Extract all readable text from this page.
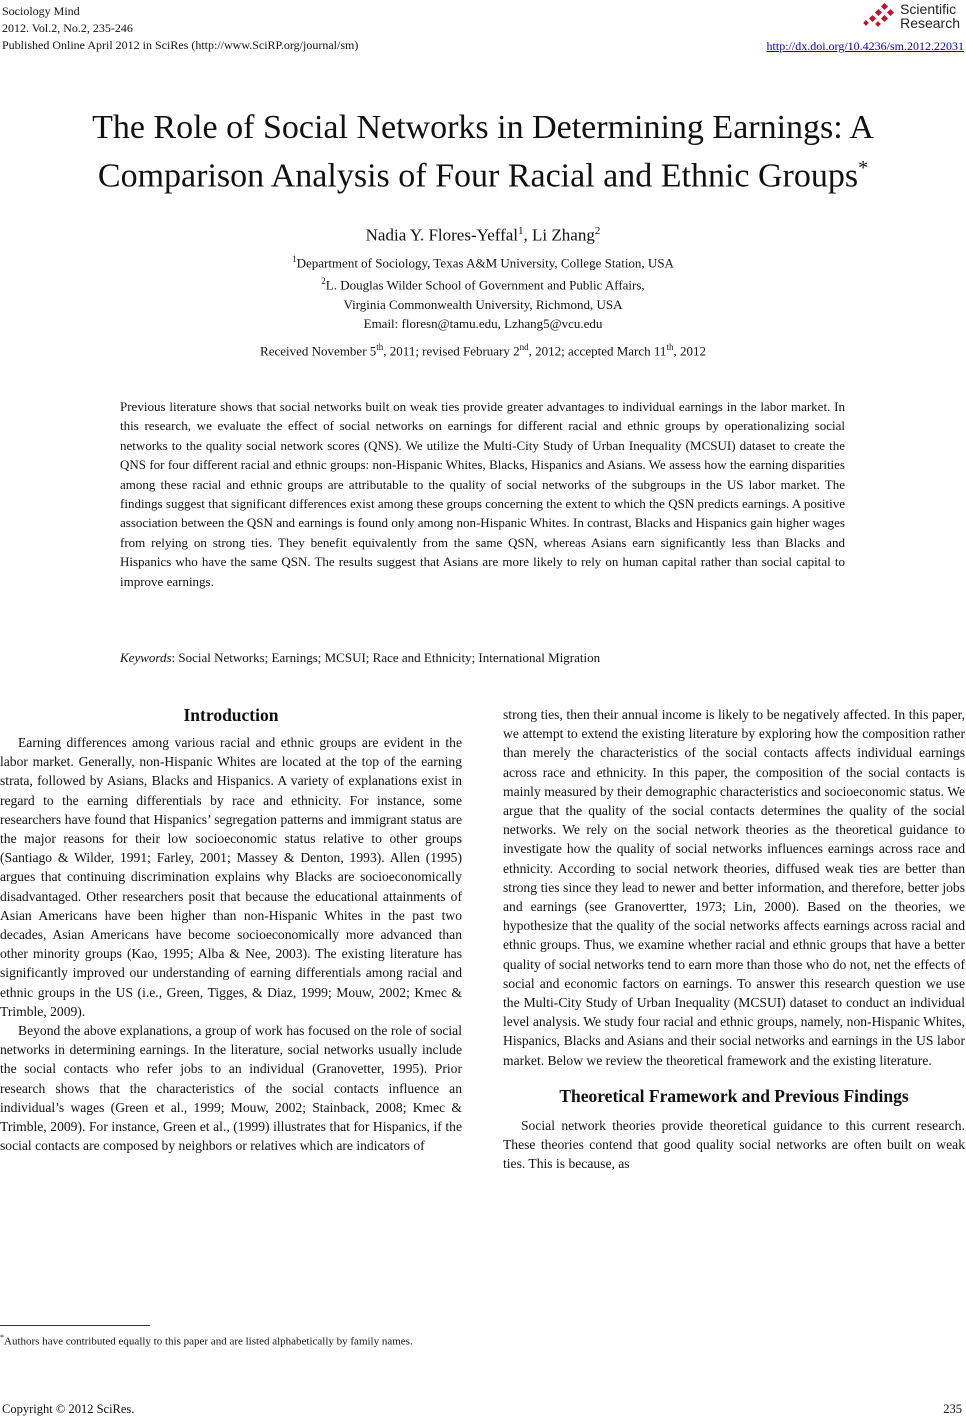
Sociology Mind
2012. Vol.2, No.2, 235-246
Published Online April 2012 in SciRes (http://www.SciRP.org/journal/sm)
Scientific
Research
http://dx.doi.org/10.4236/sm.2012.22031
The Role of Social Networks in Determining Earnings: A
Comparison Analysis of Four Racial and Ethnic Groups*
Nadia Y. Flores-Yeffal$^1$, Li Zhang$^2$
$^1$Department of Sociology, Texas A&M University, College Station, USA
$^2$L. Douglas Wilder School of Government and Public Affairs,
Virginia Commonwealth University, Richmond, USA
Email: floresn@tamu.edu, Lzhang5@vcu.edu
Received November 5th, 2011; revised February 2nd, 2012; accepted March 11th, 2012
Previous literature shows that social networks built on weak ties provide greater advantages to individual earnings in the labor market. In this research, we evaluate the effect of social networks on earnings for different racial and ethnic groups by operationalizing social networks to the quality social network scores (QNS). We utilize the Multi-City Study of Urban Inequality (MCSUI) dataset to create the QNS for four different racial and ethnic groups: non-Hispanic Whites, Blacks, Hispanics and Asians. We assess how the earning disparities among these racial and ethnic groups are attributable to the quality of social networks of the subgroups in the US labor market. The findings suggest that significant differences exist among these groups concerning the extent to which the QSN predicts earnings. A positive association between the QSN and earnings is found only among non-Hispanic Whites. In contrast, Blacks and Hispanics gain higher wages from relying on strong ties. They benefit equivalently from the same QSN, whereas Asians earn significantly less than Blacks and Hispanics who have the same QSN. The results suggest that Asians are more likely to rely on human capital rather than social capital to improve earnings.
Keywords: Social Networks; Earnings; MCSUI; Race and Ethnicity; International Migration
Introduction

Earning differences among various racial and ethnic groups are evident in the labor market. Generally, non-Hispanic Whites are located at the top of the earning strata, followed by Asians, Blacks and Hispanics. A variety of explanations exist in regard to the earning differentials by race and ethnicity. For instance, some researchers have found that Hispanics’ segregation patterns and immigrant status are the major reasons for their low socioeconomic status relative to other groups (Santiago & Wilder, 1991; Farley, 2001; Massey & Denton, 1993). Allen (1995) argues that continuing discrimination explains why Blacks are socioeconomically disadvantaged. Other researchers posit that because the educational attainments of Asian Americans have been higher than non-Hispanic Whites in the past two decades, Asian Americans have become socioeconomically more advanced than other minority groups (Kao, 1995; Alba & Nee, 2003). The existing literature has significantly improved our understanding of earning differentials among racial and ethnic groups in the US (i.e., Green, Tigges, & Diaz, 1999; Mouw, 2002; Kmec & Trimble, 2009).

Beyond the above explanations, a group of work has focused on the role of social networks in determining earnings. In the literature, social networks usually include the social contacts who refer jobs to an individual (Granovetter, 1995). Prior research shows that the characteristics of the social contacts influence an individual’s wages (Green et al., 1999; Mouw, 2002; Stainback, 2008; Kmec & Trimble, 2009). For instance, Green et al., (1999) illustrates that for Hispanics, if the social contacts are composed by neighbors or relatives which are indicators of

strong ties, then their annual income is likely to be negatively affected. In this paper, we attempt to extend the existing literature by exploring how the composition rather than merely the characteristics of the social contacts affects individual earnings across race and ethnicity. In this paper, the composition of the social contacts is mainly measured by their demographic characteristics and socioeconomic status. We argue that the quality of the social contacts determines the quality of the social networks. We rely on the social network theories as the theoretical guidance to investigate how the quality of social networks influences earnings across race and ethnicity. According to social network theories, diffused weak ties are better than strong ties since they lead to newer and better information, and therefore, better jobs and earnings (see Granovertter, 1973; Lin, 2000). Based on the theories, we hypothesize that the quality of the social networks affects earnings across racial and ethnic groups. Thus, we examine whether racial and ethnic groups that have a better quality of social networks tend to earn more than those who do not, net the effects of social and economic factors on earnings. To answer this research question we use the Multi-City Study of Urban Inequality (MCSUI) dataset to conduct an individual level analysis. We study four racial and ethnic groups, namely, non-Hispanic Whites, Hispanics, Blacks and Asians and their social networks and earnings in the US labor market. Below we review the theoretical framework and the existing literature.

Theoretical Framework and Previous Findings

Social network theories provide theoretical guidance to this current research. These theories contend that good quality social networks are often built on weak ties. This is because, as

*Authors have contributed equally to this paper and are listed alphabetically by family names.
Copyright © 2012 SciRes.	235
